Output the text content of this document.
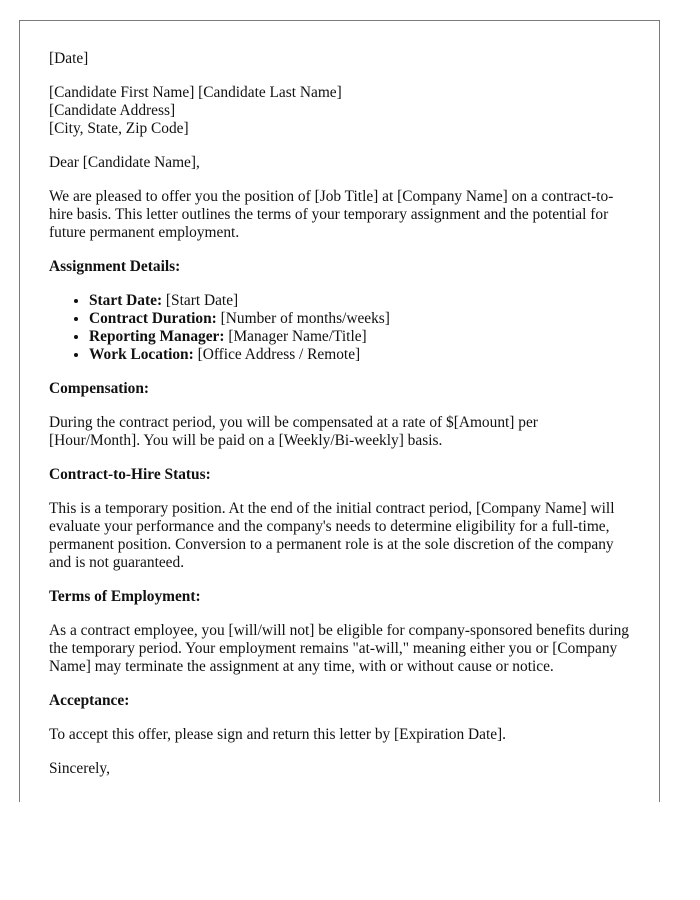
[Date]

[Candidate First Name] [Candidate Last Name]
[Candidate Address]
[City, State, Zip Code]

Dear [Candidate Name],

We are pleased to offer you the position of [Job Title] at [Company Name] on a contract-to-hire basis. This letter outlines the terms of your temporary assignment and the potential for future permanent employment.

Assignment Details:

• Start Date: [Start Date]
• Contract Duration: [Number of months/weeks]
• Reporting Manager: [Manager Name/Title]
• Work Location: [Office Address / Remote]

Compensation:

During the contract period, you will be compensated at a rate of $[Amount] per [Hour/Month]. You will be paid on a [Weekly/Bi-weekly] basis.

Contract-to-Hire Status:

This is a temporary position. At the end of the initial contract period, [Company Name] will evaluate your performance and the company's needs to determine eligibility for a full-time, permanent position. Conversion to a permanent role is at the sole discretion of the company and is not guaranteed.

Terms of Employment:

As a contract employee, you [will/will not] be eligible for company-sponsored benefits during the temporary period. Your employment remains "at-will," meaning either you or [Company Name] may terminate the assignment at any time, with or without cause or notice.

Acceptance:

To accept this offer, please sign and return this letter by [Expiration Date].

Sincerely,
